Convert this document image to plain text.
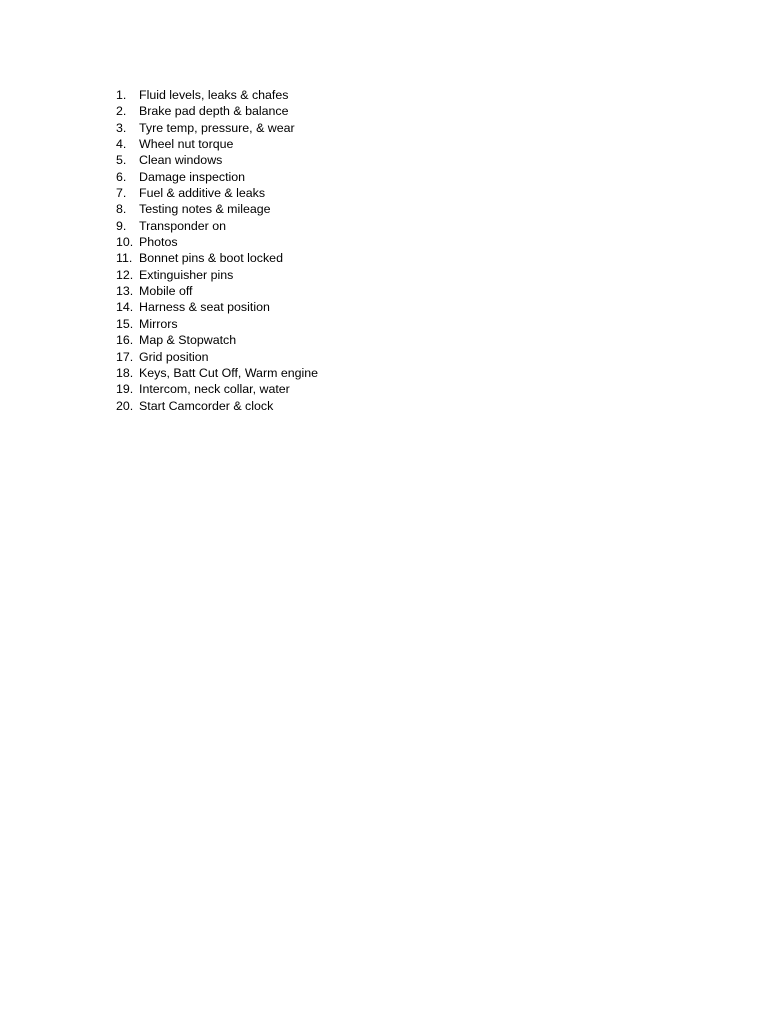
1.	Fluid levels, leaks & chafes
2.	Brake pad depth & balance
3.	Tyre temp, pressure, & wear
4.	Wheel nut torque
5.	Clean windows
6.	Damage inspection
7.	Fuel & additive & leaks
8.	Testing notes & mileage
9.	Transponder on
10. Photos
11. Bonnet pins & boot locked
12. Extinguisher pins
13. Mobile off
14. Harness & seat position
15. Mirrors
16. Map & Stopwatch
17. Grid position
18. Keys, Batt Cut Off, Warm engine
19. Intercom, neck collar, water
20. Start Camcorder & clock
